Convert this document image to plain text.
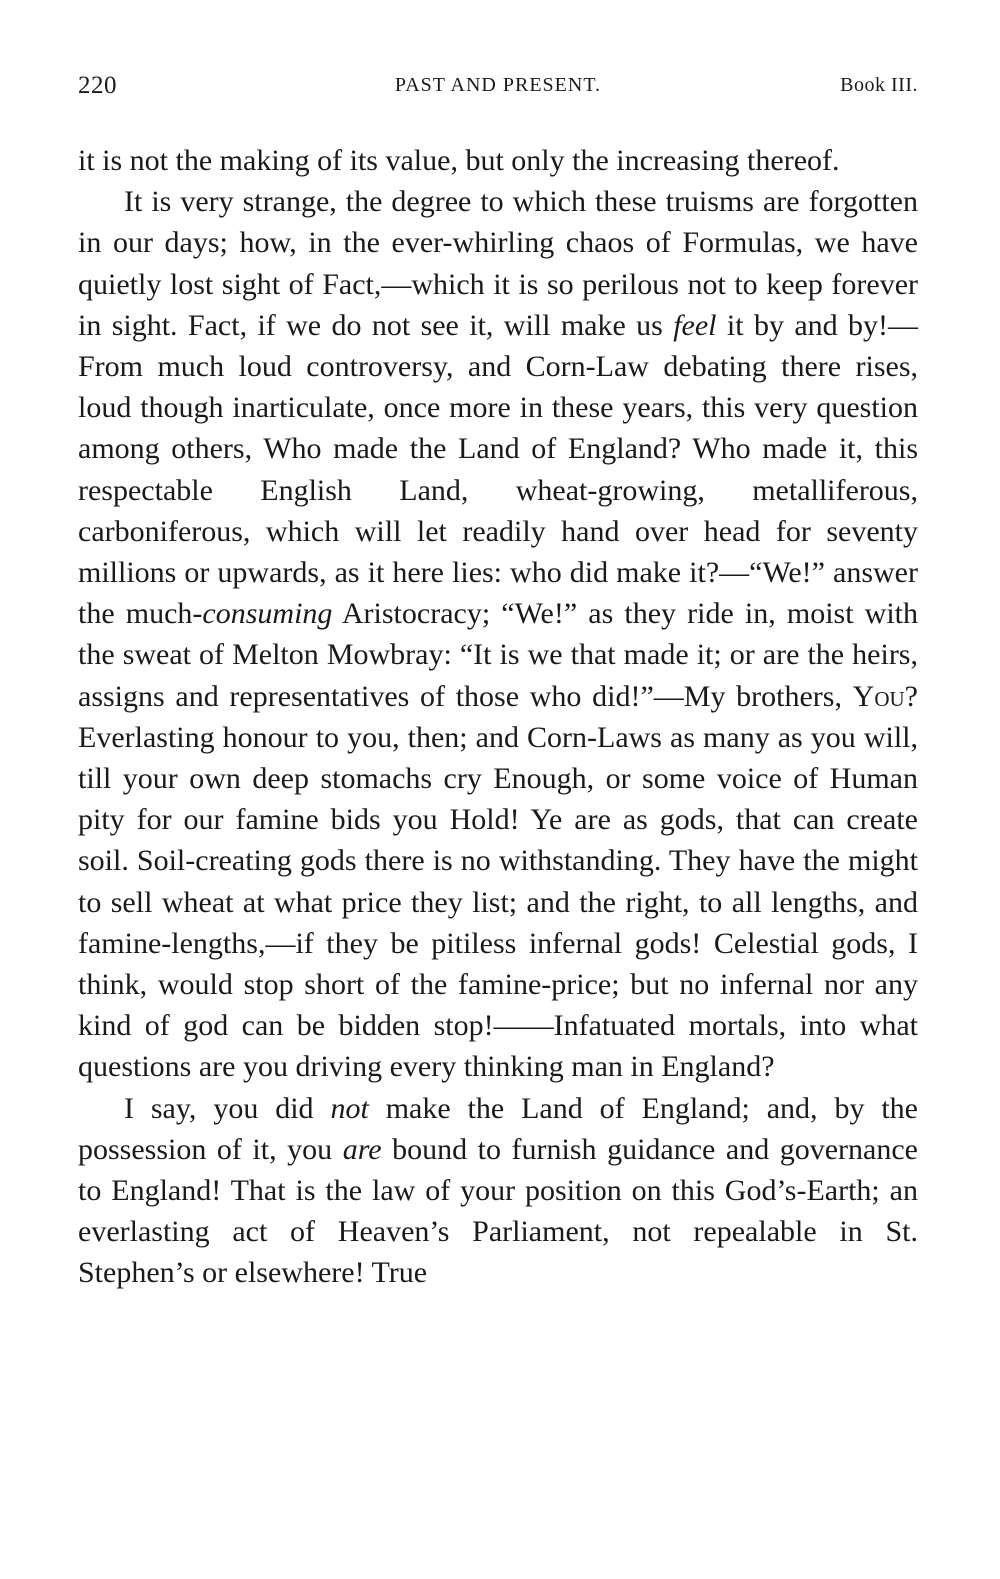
220	PAST AND PRESENT.	Book III.

it is not the making of its value, but only the increasing thereof.

It is very strange, the degree to which these truisms are forgotten in our days; how, in the ever-whirling chaos of Formulas, we have quietly lost sight of Fact,—which it is so perilous not to keep forever in sight. Fact, if we do not see it, will make us feel it by and by!—From much loud controversy, and Corn-Law debating there rises, loud though inarticulate, once more in these years, this very question among others, Who made the Land of England? Who made it, this respectable English Land, wheat-growing, metalliferous, carboniferous, which will let readily hand over head for seventy millions or upwards, as it here lies: who did make it?—“We!” answer the much-consuming Aristocracy; “We!” as they ride in, moist with the sweat of Melton Mowbray: “It is we that made it; or are the heirs, assigns and representatives of those who did!”—My brothers, You? Everlasting honour to you, then; and Corn-Laws as many as you will, till your own deep stomachs cry Enough, or some voice of Human pity for our famine bids you Hold! Ye are as gods, that can create soil. Soil-creating gods there is no withstanding. They have the might to sell wheat at what price they list; and the right, to all lengths, and famine-lengths,—if they be pitiless infernal gods! Celestial gods, I think, would stop short of the famine-price; but no infernal nor any kind of god can be bidden stop!——Infatuated mortals, into what questions are you driving every thinking man in England?

I say, you did not make the Land of England; and, by the possession of it, you are bound to furnish guidance and governance to England! That is the law of your position on this God’s-Earth; an everlasting act of Heaven’s Parliament, not repealable in St. Stephen’s or elsewhere! True
